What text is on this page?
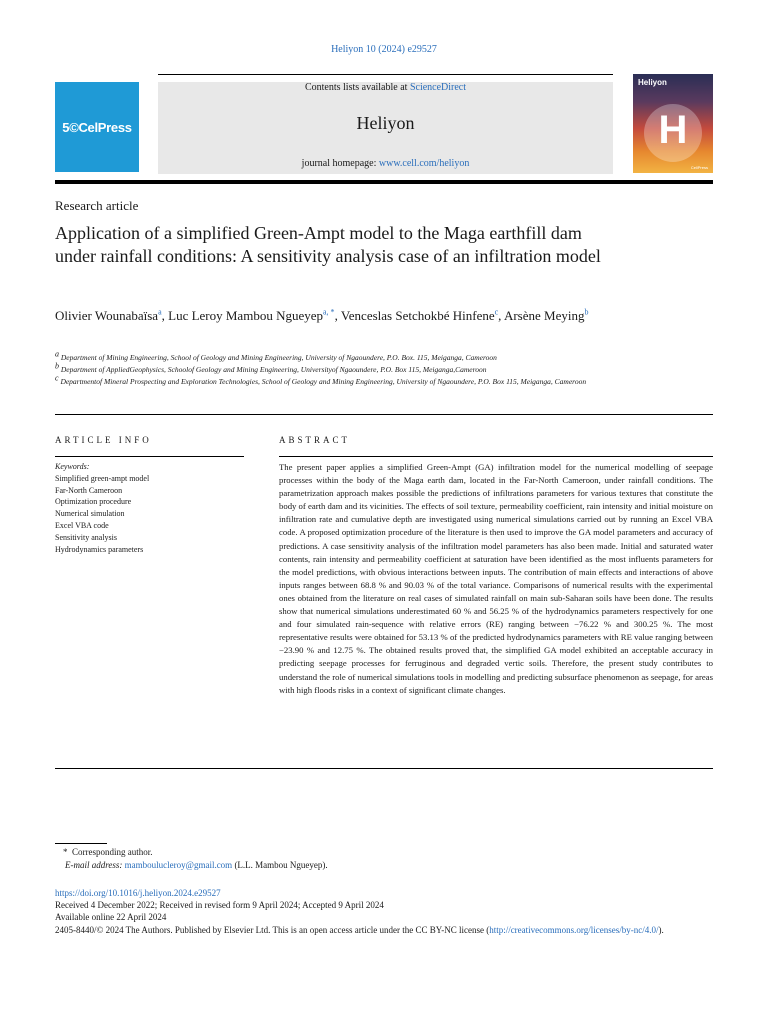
Heliyon 10 (2024) e29527
5©CelPress
Contents lists available at ScienceDirect
Heliyon
journal homepage: www.cell.com/heliyon
Heliyon
H
CellPress
Research article
Application of a simplified Green-Ampt model to the Maga earthfill dam under rainfall conditions: A sensitivity analysis case of an infiltration model
Olivier Wounabaïsa$^a$, Luc Leroy Mambou Ngueyep$^{a, *}$, Venceslas Setchokbé Hinfene$^c$, Arsène Meying$^b$

$^a$ Department of Mining Engineering, School of Geology and Mining Engineering, University of Ngaoundere, P.O. Box. 115, Meiganga, Cameroon

$^b$ Department of AppliedGeophysics, Schoolof Geology and Mining Engineering, Universityof Ngaoundere, P.O. Box 115, Meiganga,Cameroon

$^c$ Departmentof Mineral Prospecting and Exploration Technologies, School of Geology and Mining Engineering, University of Ngaoundere, P.O. Box 115, Meiganga, Cameroon

ARTICLE INFO	ABSTRACT
Keywords:
Simplified green-ampt model
Far-North Cameroon
Optimization procedure
Numerical simulation
Excel VBA code
Sensitivity analysis
Hydrodynamics parameters
The present paper applies a simplified Green-Ampt (GA) infiltration model for the numerical modelling of seepage processes within the body of the Maga earth dam, located in the Far-North Cameroon, under rainfall conditions. The parametrization approach makes possible the predictions of infiltrations parameters for various textures that constitute the body of earth dam and its vicinities. The effects of soil texture, permeability coefficient, rain intensity and initial moisture on infiltration rate and cumulative depth are investigated using numerical simulations carried out by running an Excel VBA code. A proposed optimization procedure of the literature is then used to improve the GA model parameters and accuracy of predictions. A case sensitivity analysis of the infiltration model parameters has also been made. Initial and saturated water contents, rain intensity and permeability coefficient at saturation have been identified as the most influents parameters for the model predictions, with obvious interactions between inputs. The contribution of main effects and interactions of above inputs ranges between 68.8 % and 90.03 % of the total variance. Comparisons of numerical results with the experimental ones obtained from the literature on real cases of simulated rainfall on main sub-Saharan soils have been done. The results show that numerical simulations underestimated 60 % and 56.25 % of the hydrodynamics parameters respectively for one and four simulated rain-sequence with relative errors (RE) ranging between −76.22 % and 300.25 %. The most representative results were obtained for 53.13 % of the predicted hydrodynamics parameters with RE value ranging between −23.90 % and 12.75 %. The obtained results proved that, the simplified GA model exhibited an acceptable accuracy in predicting seepage processes for ferruginous and degraded vertic soils. Therefore, the present study contributes to understand the role of numerical simulations tools in modelling and predicting subsurface phenomenon as seepage, for areas with high floods risks in a context of significant climate changes.

* Corresponding author.

E-mail address: mamboulucleroy@gmail.com (L.L. Mambou Ngueyep).

https://doi.org/10.1016/j.heliyon.2024.e29527

Received 4 December 2022; Received in revised form 9 April 2024; Accepted 9 April 2024

Available online 22 April 2024

2405-8440/© 2024 The Authors. Published by Elsevier Ltd. This is an open access article under the CC BY-NC license (http://creativecommons.org/licenses/by-nc/4.0/).
